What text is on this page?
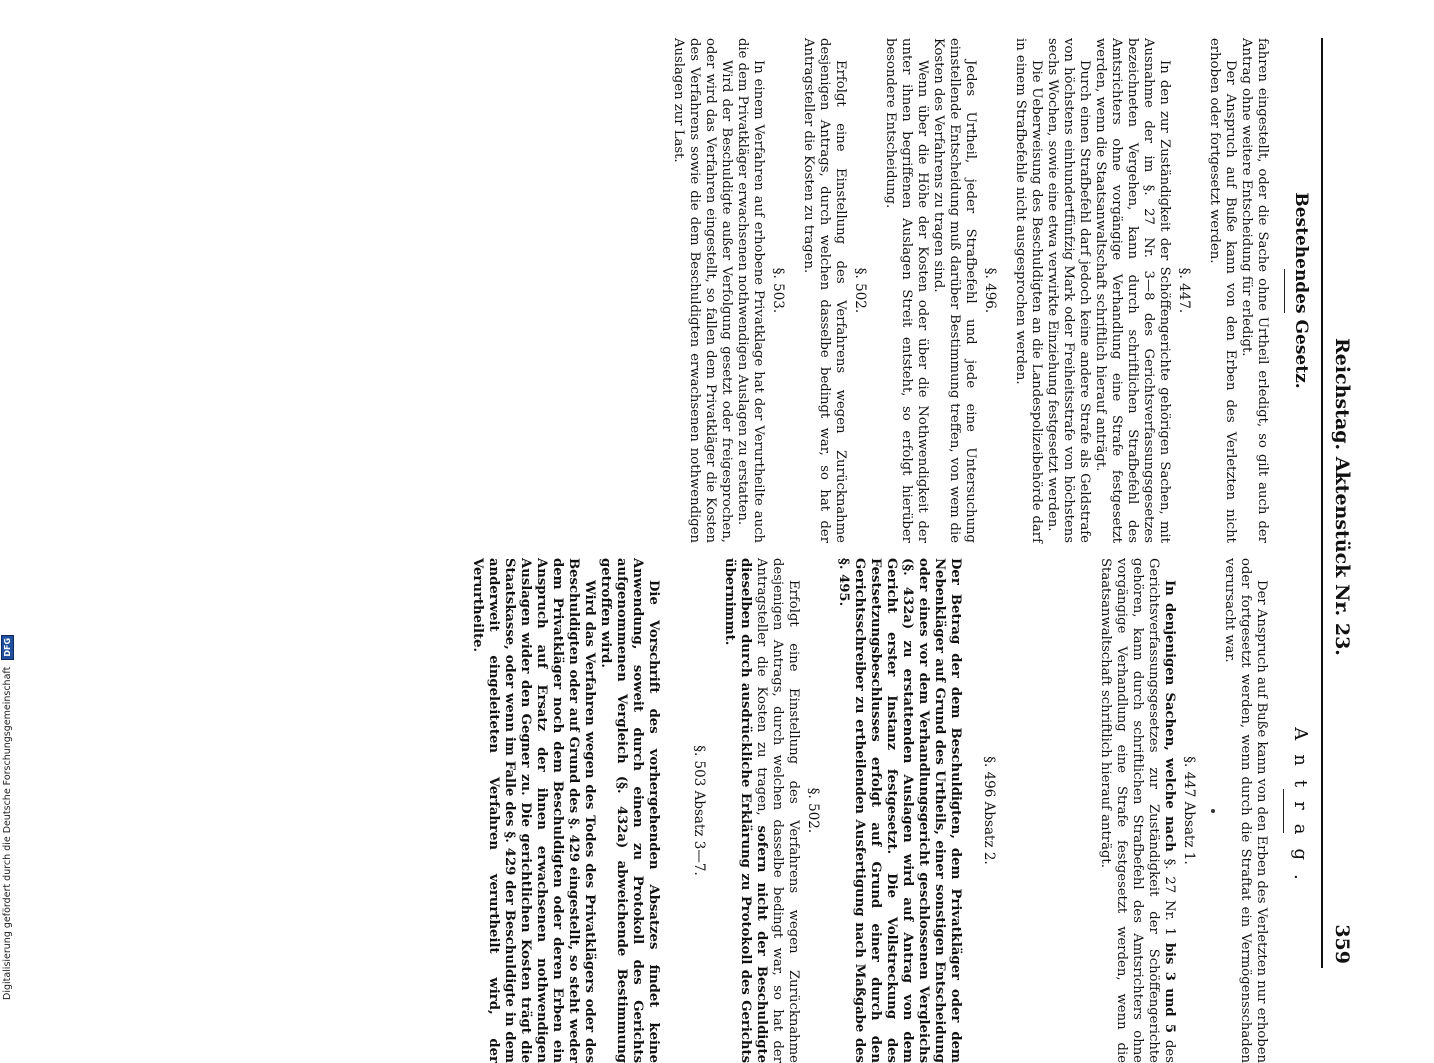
Reichstag. Aktenstück Nr. 23.
359
Bestehendes Gesetz.

fahren eingestellt, oder die Sache ohne Urtheil erledigt, so gilt auch der Antrag ohne weitere Entscheidung für erledigt.

Der Anspruch auf Buße kann von den Erben des Verletzten nicht erhoben oder fortgesetzt werden.

§. 447.

In den zur Zuständigkeit der Schöffengerichte gehörigen Sachen, mit Ausnahme der im §. 27 Nr. 3—8 des Gerichtsverfassungsgesetzes bezeichneten Vergehen, kann durch schriftlichen Strafbefehl des Amtsrichters ohne vorgängige Verhandlung eine Strafe festgesetzt werden, wenn die Staatsanwaltschaft schriftlich hierauf anträgt.

Durch einen Strafbefehl darf jedoch keine andere Strafe als Geldstrafe von höchstens einhundertfünfzig Mark oder Freiheitsstrafe von höchstens sechs Wochen, sowie eine etwa verwirkte Einziehung festgesetzt werden.

Die Ueberweisung des Beschuldigten an die Landespolizeibehörde darf in einem Strafbefehle nicht ausgesprochen werden.

§. 496.

Jedes Urtheil, jeder Strafbefehl und jede eine Untersuchung einstellende Entscheidung muß darüber Bestimmung treffen, von wem die Kosten des Verfahrens zu tragen sind.

Wenn über die Höhe der Kosten oder über die Nothwendigkeit der unter ihnen begriffenen Auslagen Streit entsteht, so erfolgt hierüber besondere Entscheidung.

§. 502.

Erfolgt eine Einstellung des Verfahrens wegen Zurücknahme desjenigen Antrags, durch welchen dasselbe bedingt war, so hat der Antragsteller die Kosten zu tragen.

§. 503.

In einem Verfahren auf erhobene Privatklage hat der Verurtheilte auch die dem Privatkläger erwachsenen nothwendigen Auslagen zu erstatten.

Wird der Beschuldigte außer Verfolgung gesetzt oder freigesprochen, oder wird das Verfahren eingestellt, so fallen dem Privatkläger die Kosten des Verfahrens sowie die dem Beschuldigten erwachsenen nothwendigen Auslagen zur Last.

Antrag.

Der Anspruch auf Buße kann von den Erben des Verletzten nur erhoben oder fortgesetzt werden, wenn durch die Straftat ein Vermögensschaden verursacht war.

§. 447 Absatz 1.

In denjenigen Sachen, welche nach §. 27 Nr. 1 bis 3 und 5 des Gerichtsverfassungsgesetzes zur Zuständigkeit der Schöffengerichte gehören, kann durch schriftlichen Strafbefehl des Amtsrichters ohne vorgängige Verhandlung eine Strafe festgesetzt werden, wenn die Staatsanwaltschaft schriftlich hierauf anträgt.

§. 496 Absatz 2.

Der Betrag der dem Beschuldigten, dem Privatkläger oder dem Nebenkläger auf Grund des Urtheils, einer sonstigen Entscheidung oder eines vor dem Verhandlungsgericht geschlossenen Vergleichs (§. 432a) zu erstattenden Auslagen wird auf Antrag von dem Gericht erster Instanz festgesetzt. Die Vollstreckung des Festsetzungsbeschlusses erfolgt auf Grund einer durch den Gerichtsschreiber zu ertheilenden Ausfertigung nach Maßgabe des §. 495.

§. 502.

Erfolgt eine Einstellung des Verfahrens wegen Zurücknahme desjenigen Antrags, durch welchen dasselbe bedingt war, so hat der Antragsteller die Kosten zu tragen, sofern nicht der Beschuldigte dieselben durch ausdrückliche Erklärung zu Protokoll des Gerichts übernimmt.

§. 503 Absatz 3—7.

Die Vorschrift des vorhergehenden Absatzes findet keine Anwendung, soweit durch einen zu Protokoll des Gerichts aufgenommenen Vergleich (§. 432a) abweichende Bestimmung getroffen wird.

Wird das Verfahren wegen des Todes des Privatklägers oder des Beschuldigten oder auf Grund des §. 429 eingestellt, so steht weder dem Privatkläger noch dem Beschuldigten oder deren Erben ein Anspruch auf Ersatz der ihnen erwachsenen nothwendigen Auslagen wider den Gegner zu. Die gerichtlichen Kosten trägt die Staatskasse, oder wenn im Falle des §. 429 der Beschuldigte in dem anderweit eingeleiteten Verfahren verurtheilt wird, der Verurtheilte.

Digitalisierung gefördert durch die Deutsche Forschungsgemeinschaft DFG
